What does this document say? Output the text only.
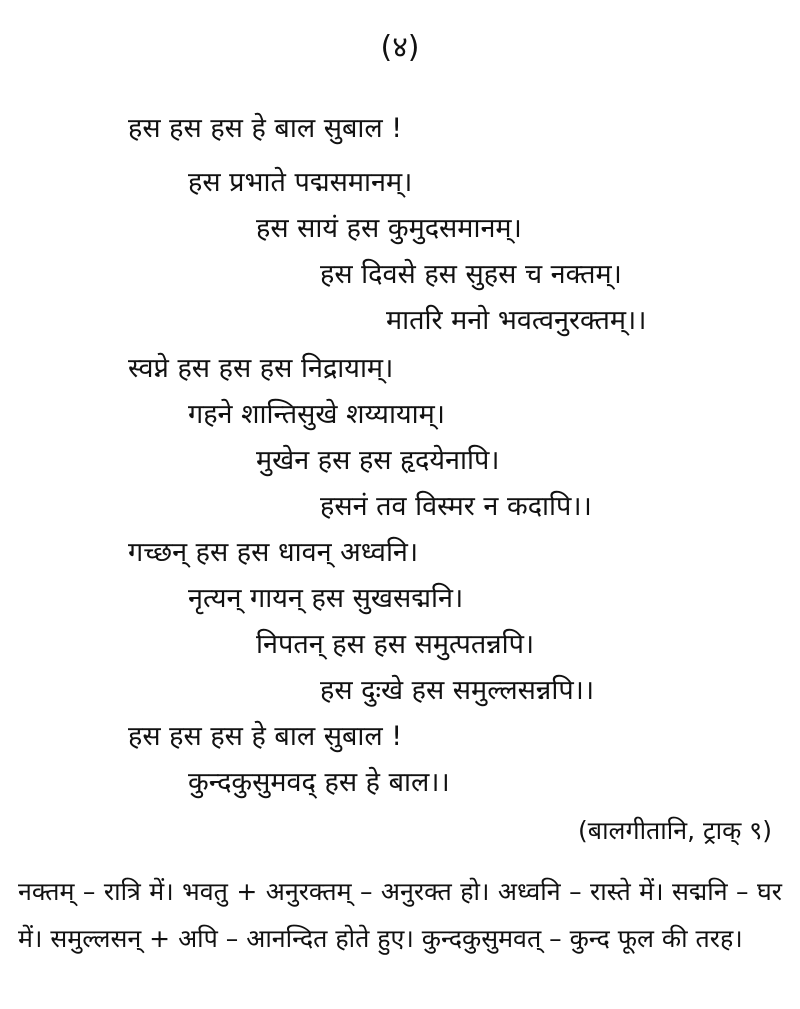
(४)
हस हस हस हे बाल सुबाल !
हस प्रभाते पद्मसमानम्।
हस सायं हस कुमुदसमानम्।
हस दिवसे हस सुहस च नक्तम्।
मातरि मनो भवत्वनुरक्तम्।।
स्वप्ने हस हस हस निद्रायाम्।
गहने शान्तिसुखे शय्यायाम्।
मुखेन हस हस हृदयेनापि।
हसनं तव विस्मर न कदापि।।
गच्छन् हस हस धावन् अध्वनि।
नृत्यन् गायन् हस सुखसद्मनि।
निपतन् हस हस समुत्पतन्नपि।
हस दुःखे हस समुल्लसन्नपि।।
हस हस हस हे बाल सुबाल !
कुन्दकुसुमवद् हस हे बाल।।
(बालगीतानि, ट्राक् ९)
नक्तम् – रात्रि में। भवतु + अनुरक्तम् – अनुरक्त हो। अध्वनि – रास्ते में। सद्मनि – घर में। समुल्लसन् + अपि – आनन्दित होते हुए। कुन्दकुसुमवत् – कुन्द फूल की तरह।
